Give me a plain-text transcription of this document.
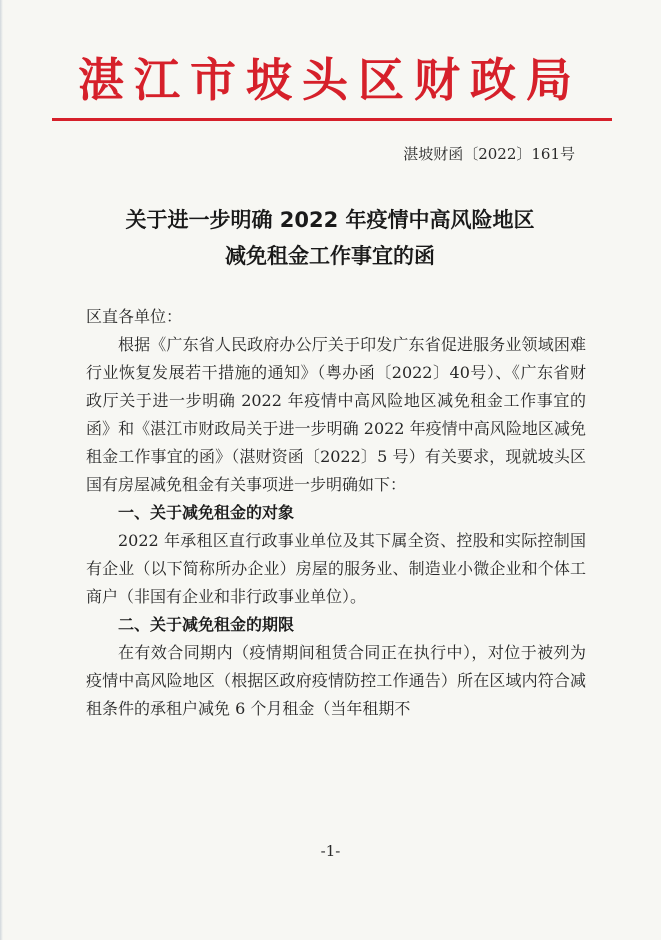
湛江市坡头区财政局
湛坡财函〔2022〕161号
关于进一步明确 2022 年疫情中高风险地区
减免租金工作事宜的函

区直各单位：

根据《广东省人民政府办公厅关于印发广东省促进服务业领域困难行业恢复发展若干措施的通知》（粤办函〔2022〕40号）、《广东省财政厅关于进一步明确 2022 年疫情中高风险地区减免租金工作事宜的函》和《湛江市财政局关于进一步明确 2022 年疫情中高风险地区减免租金工作事宜的函》（湛财资函〔2022〕5 号）有关要求，现就坡头区国有房屋减免租金有关事项进一步明确如下：

一、关于减免租金的对象

2022 年承租区直行政事业单位及其下属全资、控股和实际控制国有企业（以下简称所办企业）房屋的服务业、制造业小微企业和个体工商户（非国有企业和非行政事业单位）。

二、关于减免租金的期限

在有效合同期内（疫情期间租赁合同正在执行中），对位于被列为疫情中高风险地区（根据区政府疫情防控工作通告）所在区域内符合减租条件的承租户减免 6 个月租金（当年租期不

-1-
